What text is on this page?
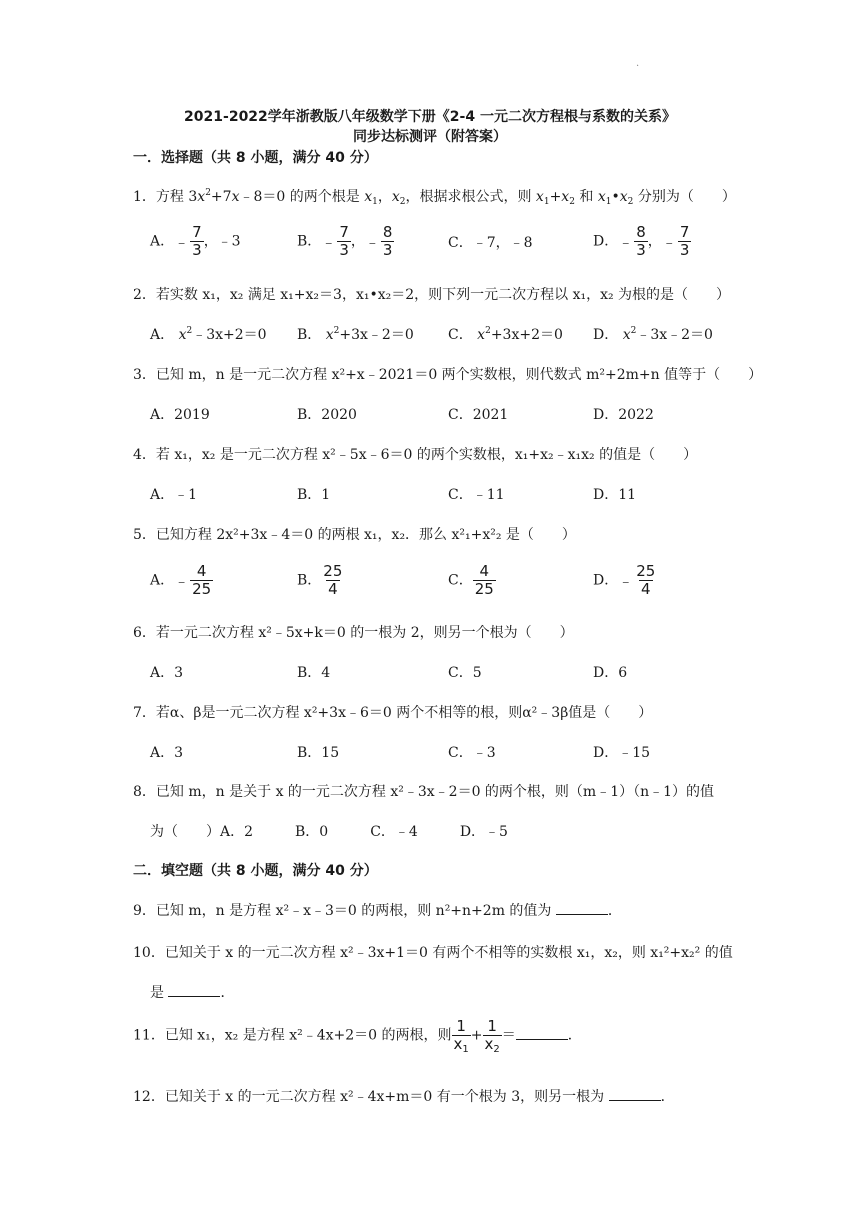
.
2021-2022学年浙教版八年级数学下册《2-4 一元二次方程根与系数的关系》
同步达标测评（附答案）
一．选择题（共 8 小题，满分 40 分）
1．方程 $3x^2+7x﹣8=0$ 的两个根是 $x_1$，$x_2$，根据求根公式，则 $x_1+x_2$ 和 $x_1•x_2$ 分别为（　　）
A．﹣ $\frac{7}{3}$ ，﹣3	B．﹣ $\frac{7}{3}$ ，﹣ $\frac{8}{3}$	C．﹣7，﹣8	D．﹣ $\frac{8}{3}$ ，﹣ $\frac{7}{3}$
2．若实数 x₁，x₂ 满足 x₁+x₂＝3，x₁•x₂＝2，则下列一元二次方程以 x₁，x₂ 为根的是（　　）
A． $x^2﹣3x+2=0$ B． $x^2+3x﹣2=0$ C． $x^2+3x+2=0$ D． $x^2﹣3x﹣2=0$
3．已知 m，n 是一元二次方程 x²+x﹣2021＝0 两个实数根，则代数式 m²+2m+n 值等于（　　）
A．2019	B．2020	C．2021	D．2022
4．若 x₁，x₂ 是一元二次方程 x²﹣5x﹣6＝0 的两个实数根，x₁+x₂﹣x₁x₂ 的值是（　　）
A．﹣1	B．1	C．﹣11	D．11
5．已知方程 2x²+3x﹣4＝0 的两根 x₁，x₂．那么 x²₁+x²₂ 是（　　）
A．﹣ $\frac{4}{25}$	B． $\frac{25}{4}$	C． $\frac{4}{25}$	D．﹣ $\frac{25}{4}$
6．若一元二次方程 x²﹣5x+k＝0 的一根为 2，则另一个根为（　　）
A．3	B．4	C．5	D．6
7．若α、β是一元二次方程 x²+3x﹣6＝0 两个不相等的根，则α²﹣3β值是（　　）
A．3	B．15	C．﹣3	D．﹣15
8．已知 m，n 是关于 x 的一元二次方程 x²﹣3x﹣2＝0 的两个根，则（m﹣1）（n﹣1）的值
为（　　）A．2　　　B．0　　　C．﹣4　　　D．﹣5
二．填空题（共 8 小题，满分 40 分）
9．已知 m，n 是方程 x²﹣x﹣3＝0 的两根，则 n²+n+2m 的值为	．
10．已知关于 x 的一元二次方程 x²﹣3x+1＝0 有两个不相等的实数根 x₁，x₂，则 x₁²+x₂² 的值
是	．
11．已知 x₁，x₂ 是方程 x²﹣4x+2＝0 的两根，则 $\frac{1}{x_1} + \frac{1}{x_2}$ ＝	．
12．已知关于 x 的一元二次方程 x²﹣4x+m＝0 有一个根为 3，则另一根为	．
